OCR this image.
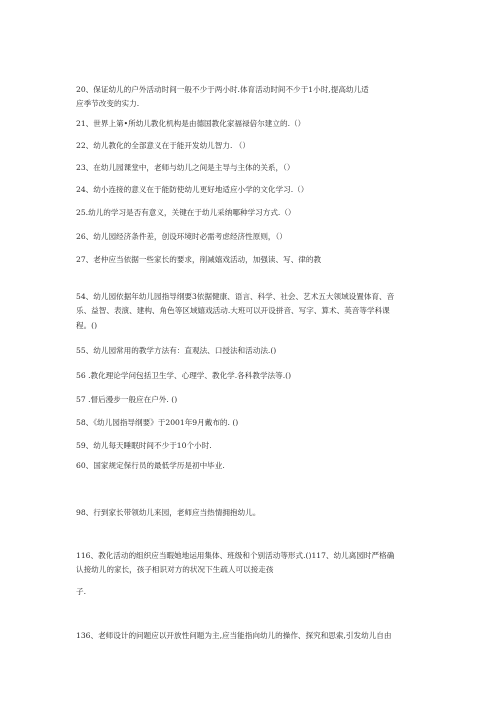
20、保证幼儿的户外活动时间一般不少于两小时.体育活动时间不少于1小时,提高幼儿适
应季节改变的实力.
21、世界上第•所幼儿教化机构是由德国教化家福禄倍尔建立的.（）
22、幼儿教化的全部意义在于能开发幼儿智力. （）
23、在幼儿园课堂中，老师与幼儿之间是主导与主体的关系，（）
24、幼小连接的意义在于能防使幼儿更好地适应小学的文化学习.（）
25.幼儿的学习是否有意义，关键在于幼儿采纳哪种学习方式.（）
26、幼儿园经济条件差，创设环境时必需考虑经济性原则，（）
27、老仲应当依据一些家长的要求，削减嬉戏活动，加强读、写、律的教
54、幼儿园依据年幼儿园指导纲要3依据健康、语言、科学、社会、艺术五大领域设置体育、音
乐、益智、表演、建构、角色等区域嬉戏活动.大班可以开设拼音、写字、算术、英音等学科课
程。()
55、幼儿园常用的教学方法有：直观法、口授法和活动法.()
56 .教化理论学问包括卫生学、心理学、教化学.各科教学法等.()
57 .督后漫步一般应在户外. ()
58、《幼儿园指导纲要》于2001年9月戴布的. ()
59、幼儿每天睡眠时间不少于10个小时.
60、国家规定保行员的最低学历是初中毕业.
98、行到家长带领幼儿来园，老师应当热情拥抱幼儿。
116、教化活动的组织应当暇她地运用集体、班级和个别活动等形式.()117、幼儿离园时严格确
认接幼儿的家长，孩子相识对方的状况下生疏人可以接走孩
子.
136、老师设计的问题应以开放性问题为主,应当能指向幼儿的操作、探究和思索,引发幼儿自由
